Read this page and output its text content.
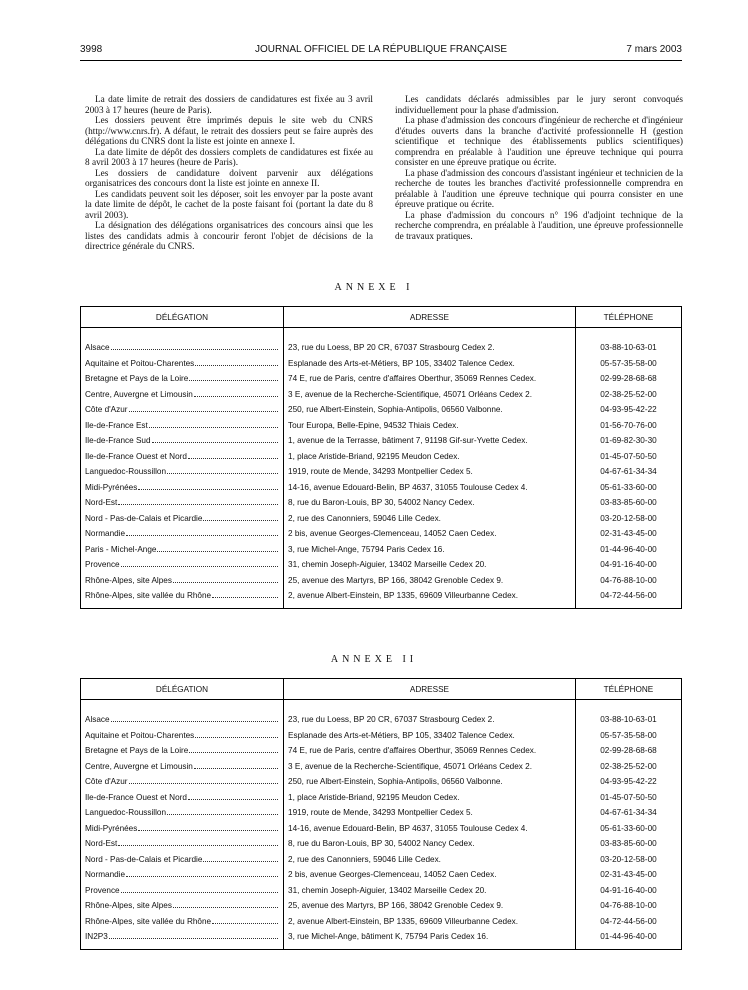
3998	JOURNAL OFFICIEL DE LA RÉPUBLIQUE FRANÇAISE	7 mars 2003

La date limite de retrait des dossiers de candidatures est fixée au 3 avril 2003 à 17 heures (heure de Paris).

Les dossiers peuvent être imprimés depuis le site web du CNRS (http://www.cnrs.fr). A défaut, le retrait des dossiers peut se faire auprès des délégations du CNRS dont la liste est jointe en annexe I.

La date limite de dépôt des dossiers complets de candidatures est fixée au 8 avril 2003 à 17 heures (heure de Paris).

Les dossiers de candidature doivent parvenir aux délégations organisatrices des concours dont la liste est jointe en annexe II.

Les candidats peuvent soit les déposer, soit les envoyer par la poste avant la date limite de dépôt, le cachet de la poste faisant foi (portant la date du 8 avril 2003).

La désignation des délégations organisatrices des concours ainsi que les listes des candidats admis à concourir feront l'objet de décisions de la directrice générale du CNRS.

Les candidats déclarés admissibles par le jury seront convoqués individuellement pour la phase d'admission.

La phase d'admission des concours d'ingénieur de recherche et d'ingénieur d'études ouverts dans la branche d'activité professionnelle H (gestion scientifique et technique des établissements publics scientifiques) comprendra en préalable à l'audition une épreuve technique qui pourra consister en une épreuve pratique ou écrite.

La phase d'admission des concours d'assistant ingénieur et technicien de la recherche de toutes les branches d'activité professionnelle comprendra en préalable à l'audition une épreuve technique qui pourra consister en une épreuve pratique ou écrite.

La phase d'admission du concours n° 196 d'adjoint technique de la recherche comprendra, en préalable à l'audition, une épreuve professionnelle de travaux pratiques.

ANNEXE I
DÉLÉGATION	ADRESSE	TÉLÉPHONE

Alsace	23, rue du Loess, BP 20 CR, 67037 Strasbourg Cedex 2.	03-88-10-63-01

Aquitaine et Poitou-Charentes	Esplanade des Arts-et-Métiers, BP 105, 33402 Talence Cedex.	05-57-35-58-00

Bretagne et Pays de la Loire	74 E, rue de Paris, centre d'affaires Oberthur, 35069 Rennes Cedex.	02-99-28-68-68

Centre, Auvergne et Limousin	3 E, avenue de la Recherche-Scientifique, 45071 Orléans Cedex 2.	02-38-25-52-00

Côte d'Azur	250, rue Albert-Einstein, Sophia-Antipolis, 06560 Valbonne.	04-93-95-42-22

Ile-de-France Est	Tour Europa, Belle-Epine, 94532 Thiais Cedex.	01-56-70-76-00

Ile-de-France Sud	1, avenue de la Terrasse, bâtiment 7, 91198 Gif-sur-Yvette Cedex.	01-69-82-30-30

Ile-de-France Ouest et Nord	1, place Aristide-Briand, 92195 Meudon Cedex.	01-45-07-50-50

Languedoc-Roussillon	1919, route de Mende, 34293 Montpellier Cedex 5.	04-67-61-34-34

Midi-Pyrénées	14-16, avenue Edouard-Belin, BP 4637, 31055 Toulouse Cedex 4.	05-61-33-60-00

Nord-Est	8, rue du Baron-Louis, BP 30, 54002 Nancy Cedex.	03-83-85-60-00

Nord - Pas-de-Calais et Picardie	2, rue des Canonniers, 59046 Lille Cedex.	03-20-12-58-00

Normandie	2 bis, avenue Georges-Clemenceau, 14052 Caen Cedex.	02-31-43-45-00

Paris - Michel-Ange	3, rue Michel-Ange, 75794 Paris Cedex 16.	01-44-96-40-00

Provence	31, chemin Joseph-Aiguier, 13402 Marseille Cedex 20.	04-91-16-40-00

Rhône-Alpes, site Alpes	25, avenue des Martyrs, BP 166, 38042 Grenoble Cedex 9.	04-76-88-10-00

Rhône-Alpes, site vallée du Rhône	2, avenue Albert-Einstein, BP 1335, 69609 Villeurbanne Cedex.	04-72-44-56-00

ANNEXE II
DÉLÉGATION	ADRESSE	TÉLÉPHONE

Alsace	23, rue du Loess, BP 20 CR, 67037 Strasbourg Cedex 2.	03-88-10-63-01

Aquitaine et Poitou-Charentes	Esplanade des Arts-et-Métiers, BP 105, 33402 Talence Cedex.	05-57-35-58-00

Bretagne et Pays de la Loire	74 E, rue de Paris, centre d'affaires Oberthur, 35069 Rennes Cedex.	02-99-28-68-68

Centre, Auvergne et Limousin	3 E, avenue de la Recherche-Scientifique, 45071 Orléans Cedex 2.	02-38-25-52-00

Côte d'Azur	250, rue Albert-Einstein, Sophia-Antipolis, 06560 Valbonne.	04-93-95-42-22

Ile-de-France Ouest et Nord	1, place Aristide-Briand, 92195 Meudon Cedex.	01-45-07-50-50

Languedoc-Roussillon	1919, route de Mende, 34293 Montpellier Cedex 5.	04-67-61-34-34

Midi-Pyrénées	14-16, avenue Edouard-Belin, BP 4637, 31055 Toulouse Cedex 4.	05-61-33-60-00

Nord-Est	8, rue du Baron-Louis, BP 30, 54002 Nancy Cedex.	03-83-85-60-00

Nord - Pas-de-Calais et Picardie	2, rue des Canonniers, 59046 Lille Cedex.	03-20-12-58-00

Normandie	2 bis, avenue Georges-Clemenceau, 14052 Caen Cedex.	02-31-43-45-00

Provence	31, chemin Joseph-Aiguier, 13402 Marseille Cedex 20.	04-91-16-40-00

Rhône-Alpes, site Alpes	25, avenue des Martyrs, BP 166, 38042 Grenoble Cedex 9.	04-76-88-10-00

Rhône-Alpes, site vallée du Rhône	2, avenue Albert-Einstein, BP 1335, 69609 Villeurbanne Cedex.	04-72-44-56-00

IN2P3	3, rue Michel-Ange, bâtiment K, 75794 Paris Cedex 16.	01-44-96-40-00
